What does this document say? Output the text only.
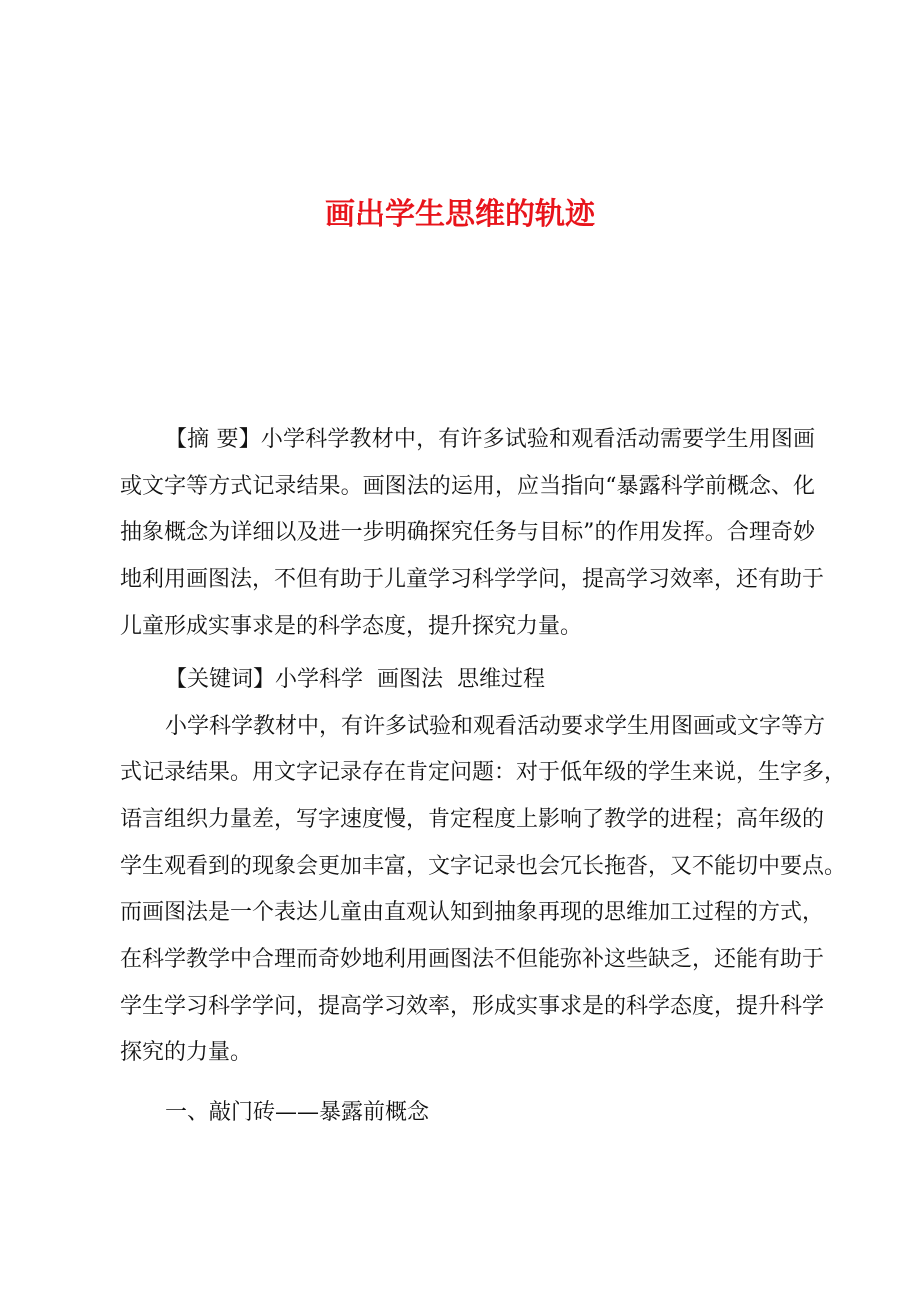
画出学生思维的轨迹
【摘 要】小学科学教材中，有许多试验和观看活动需要学生用图画
或文字等方式记录结果。画图法的运用，应当指向“暴露科学前概念、化
抽象概念为详细以及进一步明确探究任务与目标”的作用发挥。合理奇妙
地利用画图法，不但有助于儿童学习科学学问，提高学习效率，还有助于
儿童形成实事求是的科学态度，提升探究力量。
【关键词】小学科学  画图法  思维过程
小学科学教材中，有许多试验和观看活动要求学生用图画或文字等方
式记录结果。用文字记录存在肯定问题：对于低年级的学生来说，生字多，
语言组织力量差，写字速度慢，肯定程度上影响了教学的进程；高年级的
学生观看到的现象会更加丰富，文字记录也会冗长拖沓，又不能切中要点。
而画图法是一个表达儿童由直观认知到抽象再现的思维加工过程的方式，
在科学教学中合理而奇妙地利用画图法不但能弥补这些缺乏，还能有助于
学生学习科学学问，提高学习效率，形成实事求是的科学态度，提升科学
探究的力量。
一、敲门砖——暴露前概念
